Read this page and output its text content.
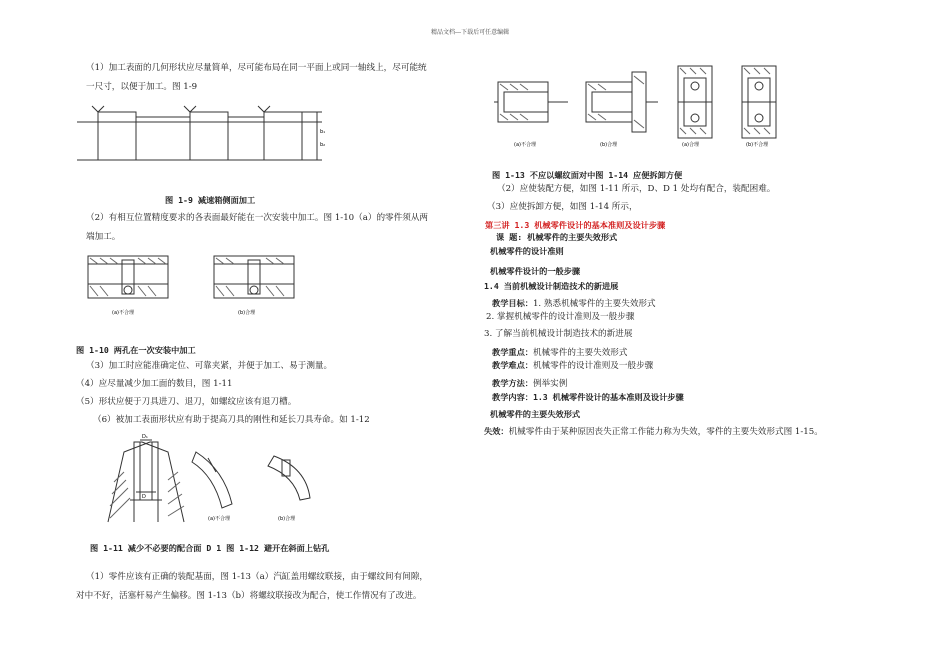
精品文档---下载后可任意编辑
（1）加工表面的几何形状应尽量简单，尽可能布局在同一平面上或同一轴线上，尽可能统
一尺寸，以便于加工。图 1-9
b₁
b₂
图 1-9 减速箱侧面加工
（2）有相互位置精度要求的各表面最好能在一次安装中加工。图 1-10（a）的零件须从两
端加工。
(a)不合理	(b)合理
图 1-10 两孔在一次安装中加工
（3）加工时应能准确定位、可靠夹紧，并便于加工、易于测量。
（4）应尽量减少加工面的数目，图 1-11
（5）形状应便于刀具进刀、退刀，如螺纹应该有退刀槽。
（6）被加工表面形状应有助于提高刀具的刚性和延长刀具寿命。如 1-12
D₁
D
(a)不合理	(b)合理
图 1-11 减少不必要的配合面 D 1 图 1-12 避开在斜面上钻孔
（1）零件应该有正确的装配基面，图 1-13（a）汽缸盖用螺纹联接，由于螺纹间有间隙，
对中不好，活塞杆易产生偏移。图 1-13（b）将螺纹联接改为配合，使工作情况有了改进。
(a)不合理	(b)合理	(a)合理	(b)不合理
图 1-13 不应以螺纹面对中图 1-14 应便拆卸方便
（2）应使装配方便，如图 1-11 所示，D、D 1 处均有配合，装配困难。
（3）应使拆卸方便，如图 1-14 所示，
第三讲 1.3 机械零件设计的基本准则及设计步骤
课 题: 机械零件的主要失效形式
机械零件的设计准则
机械零件设计的一般步骤
1.4 当前机械设计制造技术的新进展
教学目标：1. 熟悉机械零件的主要失效形式
2. 掌握机械零件的设计准则及一般步骤
3. 了解当前机械设计制造技术的新进展
教学重点：机械零件的主要失效形式
教学难点：机械零件的设计准则及一般步骤
教学方法：例举实例
教学内容：1.3 机械零件设计的基本准则及设计步骤
机械零件的主要失效形式
失效：机械零件由于某种原因丧失正常工作能力称为失效，零件的主要失效形式图 1-15。
